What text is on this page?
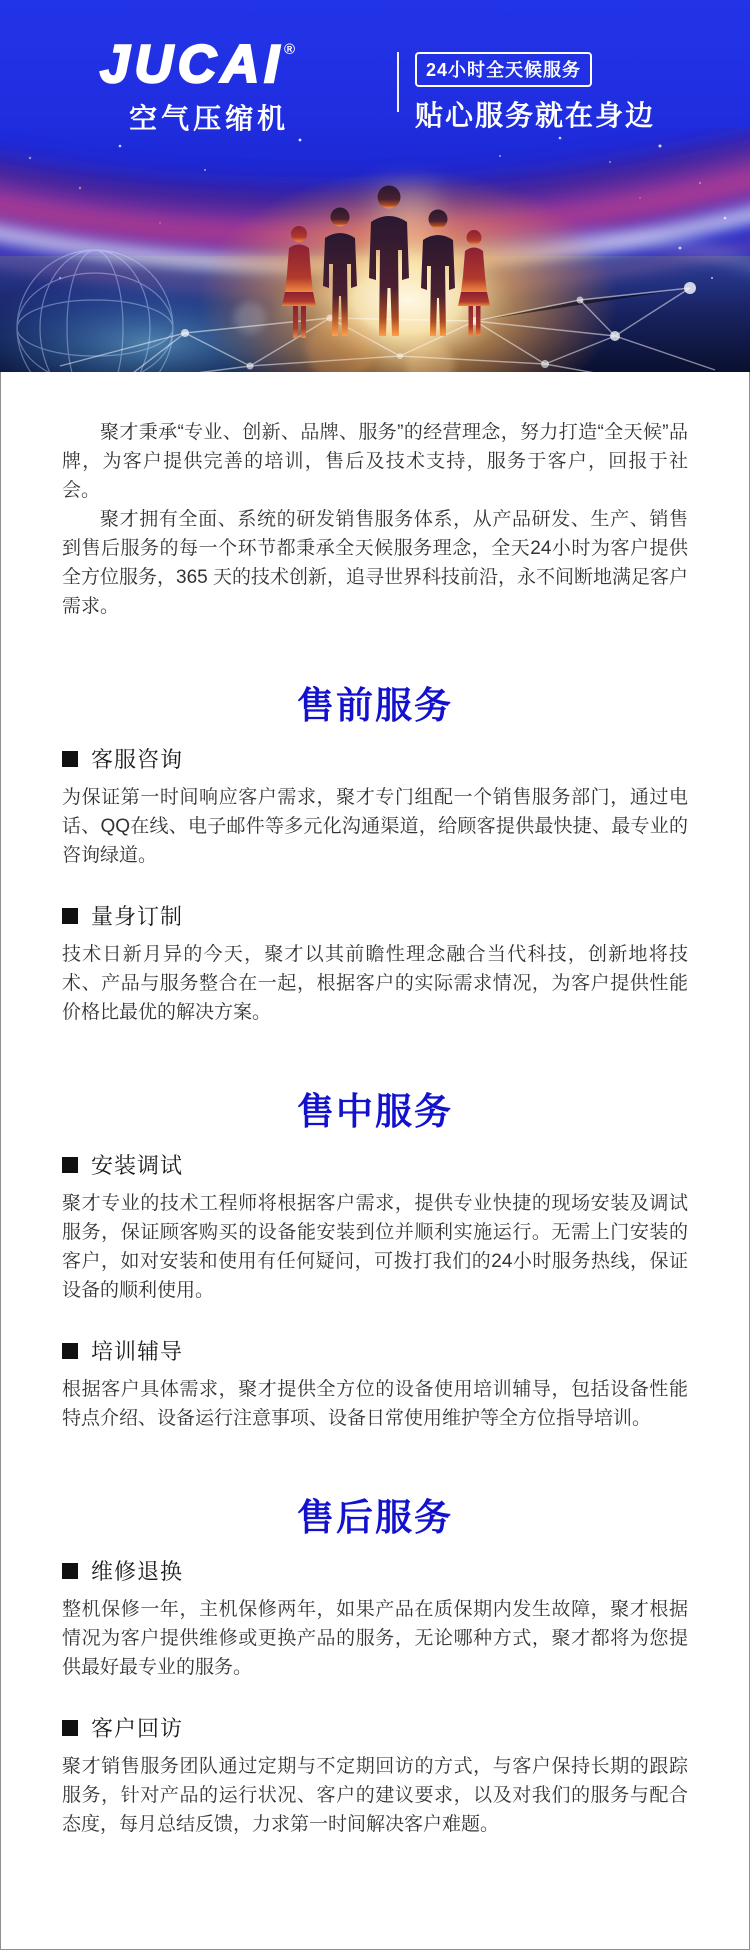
JUCAI®
空气压缩机
24小时全天候服务
贴心服务就在身边

聚才秉承“专业、创新、品牌、服务”的经营理念，努力打造“全天候”品牌，为客户提供完善的培训，售后及技术支持，服务于客户，回报于社会。

聚才拥有全面、系统的研发销售服务体系，从产品研发、生产、销售到售后服务的每一个环节都秉承全天候服务理念，全天24小时为客户提供全方位服务，365 天的技术创新，追寻世界科技前沿，永不间断地满足客户需求。

售前服务
客服咨询

为保证第一时间响应客户需求，聚才专门组配一个销售服务部门，通过电话、QQ在线、电子邮件等多元化沟通渠道，给顾客提供最快捷、最专业的咨询绿道。

量身订制

技术日新月异的今天，聚才以其前瞻性理念融合当代科技，创新地将技术、产品与服务整合在一起，根据客户的实际需求情况，为客户提供性能价格比最优的解决方案。

售中服务
安装调试

聚才专业的技术工程师将根据客户需求，提供专业快捷的现场安装及调试服务，保证顾客购买的设备能安装到位并顺利实施运行。无需上门安装的客户，如对安装和使用有任何疑问，可拨打我们的24小时服务热线，保证设备的顺利使用。

培训辅导

根据客户具体需求，聚才提供全方位的设备使用培训辅导，包括设备性能特点介绍、设备运行注意事项、设备日常使用维护等全方位指导培训。

售后服务
维修退换

整机保修一年，主机保修两年，如果产品在质保期内发生故障，聚才根据情况为客户提供维修或更换产品的服务，无论哪种方式，聚才都将为您提供最好最专业的服务。

客户回访

聚才销售服务团队通过定期与不定期回访的方式，与客户保持长期的跟踪服务，针对产品的运行状况、客户的建议要求，以及对我们的服务与配合态度，每月总结反馈，力求第一时间解决客户难题。
